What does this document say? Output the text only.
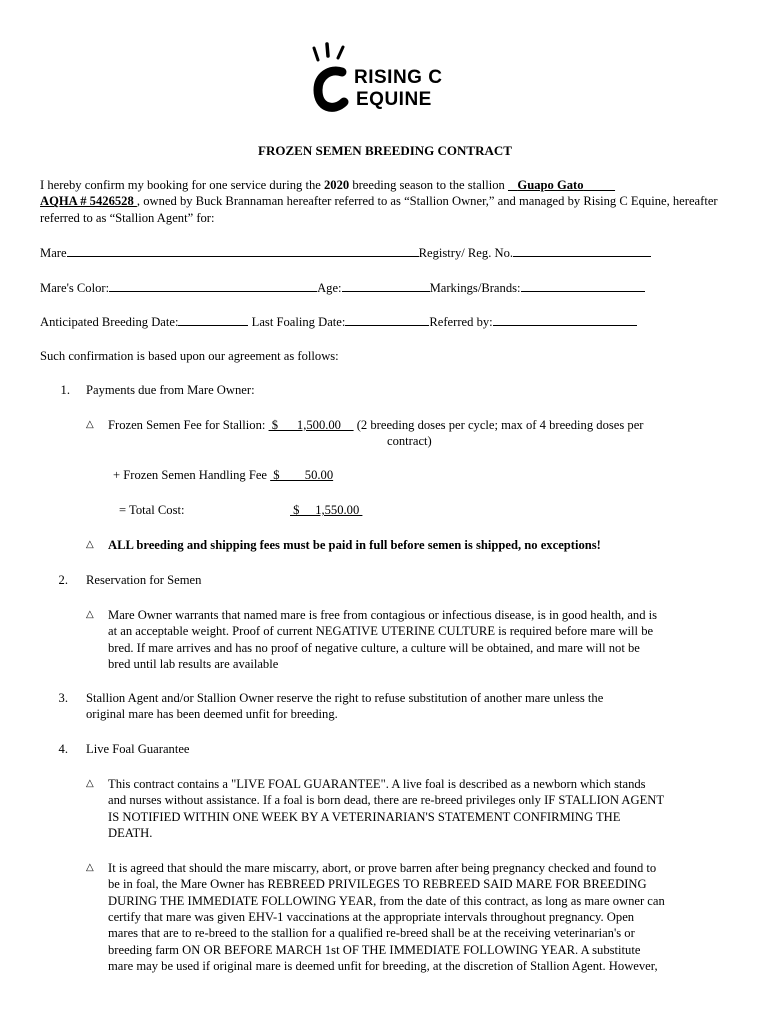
RISING C
EQUINE
FROZEN SEMEN BREEDING CONTRACT
I hereby confirm my booking for one service during the 2020 breeding season to the stallion    Guapo Gato
AQHA # 5426528 , owned by Buck Brannaman hereafter referred to as “Stallion Owner,” and managed by Rising C Equine, hereafter referred to as “Stallion Agent” for:
Mare	Registry/ Reg. No.
Mare's Color:	Age:	Markings/Brands:
Anticipated Breeding Date:	Last Foaling Date:	Referred by:
Such confirmation is based upon our agreement as follows:
1. Payments due from Mare Owner:
△ Frozen Semen Fee for Stallion:  $      1,500.00     (2 breeding doses per cycle; max of 4 breeding doses per
contract)
+ Frozen Semen Handling Fee  $        50.00
= Total Cost:	$     1,550.00
△ ALL breeding and shipping fees must be paid in full before semen is shipped, no exceptions!
2. Reservation for Semen
△ Mare Owner warrants that named mare is free from contagious or infectious disease, is in good health, and is
at an acceptable weight. Proof of current NEGATIVE UTERINE CULTURE is required before mare will be
bred. If mare arrives and has no proof of negative culture, a culture will be obtained, and mare will not be
bred until lab results are available
3. Stallion Agent and/or Stallion Owner reserve the right to refuse substitution of another mare unless the
original mare has been deemed unfit for breeding.
4. Live Foal Guarantee
△ This contract contains a "LIVE FOAL GUARANTEE". A live foal is described as a newborn which stands
and nurses without assistance. If a foal is born dead, there are re-breed privileges only IF STALLION AGENT
IS NOTIFIED WITHIN ONE WEEK BY A VETERINARIAN'S STATEMENT CONFIRMING THE
DEATH.
△ It is agreed that should the mare miscarry, abort, or prove barren after being pregnancy checked and found to
be in foal, the Mare Owner has REBREED PRIVILEGES TO REBREED SAID MARE FOR BREEDING
DURING THE IMMEDIATE FOLLOWING YEAR, from the date of this contract, as long as mare owner can
certify that mare was given EHV-1 vaccinations at the appropriate intervals throughout pregnancy. Open
mares that are to re-breed to the stallion for a qualified re-breed shall be at the receiving veterinarian's or
breeding farm ON OR BEFORE MARCH 1st OF THE IMMEDIATE FOLLOWING YEAR. A substitute
mare may be used if original mare is deemed unfit for breeding, at the discretion of Stallion Agent. However,
